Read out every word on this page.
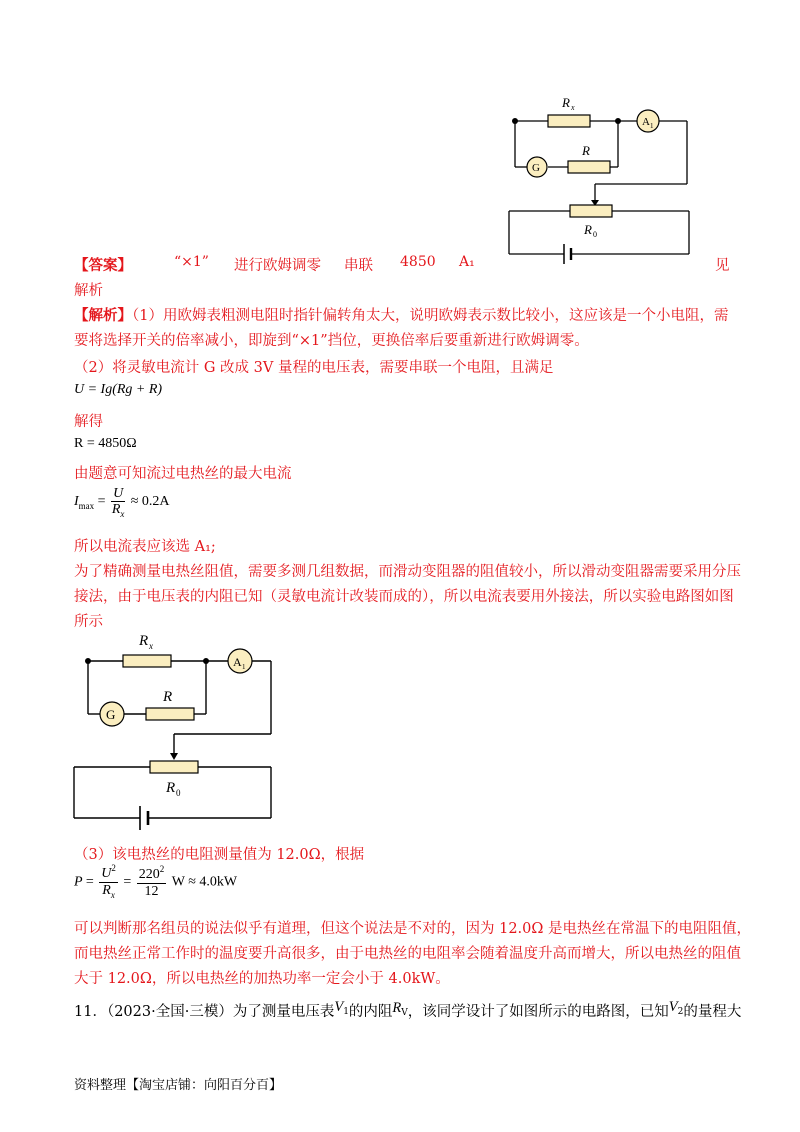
R x
R
R 0
G
A 1
【答案】	“×1” 进行欧姆调零 串联 4850 A₁	见
解析
【解析】（1）用欧姆表粗测电阻时指针偏转角太大，说明欧姆表示数比较小，这应该是一个小电阻，需
要将选择开关的倍率减小，即旋到“×1”挡位，更换倍率后要重新进行欧姆调零。
（2）将灵敏电流计 G 改成 3V 量程的电压表，需要串联一个电阻，且满足
U = Ig(Rg + R)
解得
R = 4850Ω
由题意可知流过电热丝的最大电流
$I_{max} = \frac{U}{R_x} \approx 0.2A$
所以电流表应该选 A₁;
为了精确测量电热丝阻值，需要多测几组数据，而滑动变阻器的阻值较小，所以滑动变阻器需要采用分压
接法，由于电压表的内阻已知（灵敏电流计改装而成的），所以电流表要用外接法，所以实验电路图如图
所示
R x
R
R 0
G
A 1
（3）该电热丝的电阻测量值为 12.0Ω，根据
$P = \frac{U^2}{R_x} = \frac{220^2}{12}$ W ≈ 4.0kW
可以判断那名组员的说法似乎有道理，但这个说法是不对的，因为 12.0Ω 是电热丝在常温下的电阻阻值，
而电热丝正常工作时的温度要升高很多，由于电热丝的电阻率会随着温度升高而增大，所以电热丝的阻值
大于 12.0Ω，所以电热丝的加热功率一定会小于 4.0kW。
11．（2023·全国·三模）为了测量电压表V1的内阻RV，该同学设计了如图所示的电路图，已知V2的量程大
资料整理【淘宝店铺：向阳百分百】
